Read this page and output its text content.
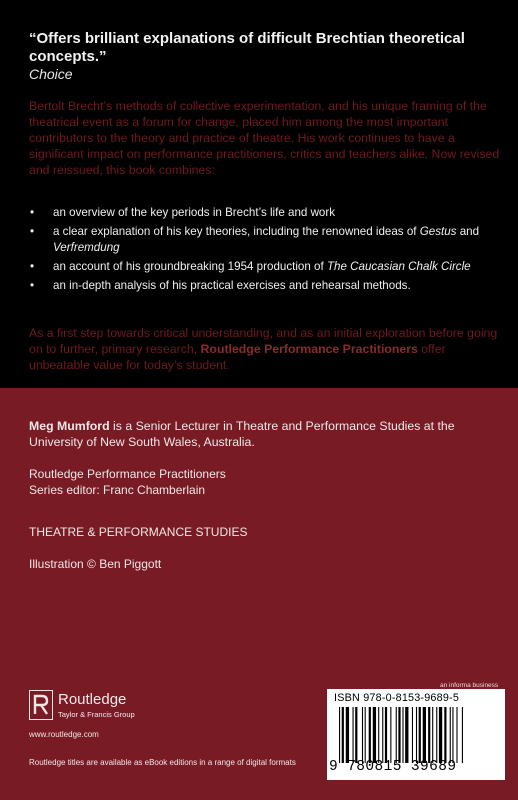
“Offers brilliant explanations of difficult Brechtian theoretical concepts.”
Choice
Bertolt Brecht’s methods of collective experimentation, and his unique framing of the theatrical event as a forum for change, placed him among the most important contributors to the theory and practice of theatre. His work continues to have a significant impact on performance practitioners, critics and teachers alike. Now revised and reissued, this book combines:
• an overview of the key periods in Brecht’s life and work
• a clear explanation of his key theories, including the renowned ideas of Gestus and Verfremdung
• an account of his groundbreaking 1954 production of The Caucasian Chalk Circle
• an in-depth analysis of his practical exercises and rehearsal methods.
As a first step towards critical understanding, and as an initial exploration before going on to further, primary research, Routledge Performance Practitioners offer unbeatable value for today’s student.
Meg Mumford is a Senior Lecturer in Theatre and Performance Studies at the University of New South Wales, Australia.
Routledge Performance Practitioners
Series editor: Franc Chamberlain
THEATRE & PERFORMANCE STUDIES
Illustration © Ben Piggott
Routledge
Taylor & Francis Group
www.routledge.com
Routledge titles are available as eBook editions in a range of digital formats
an informa business
ISBN 978-0-8153-9689-5
9 780815 39689
